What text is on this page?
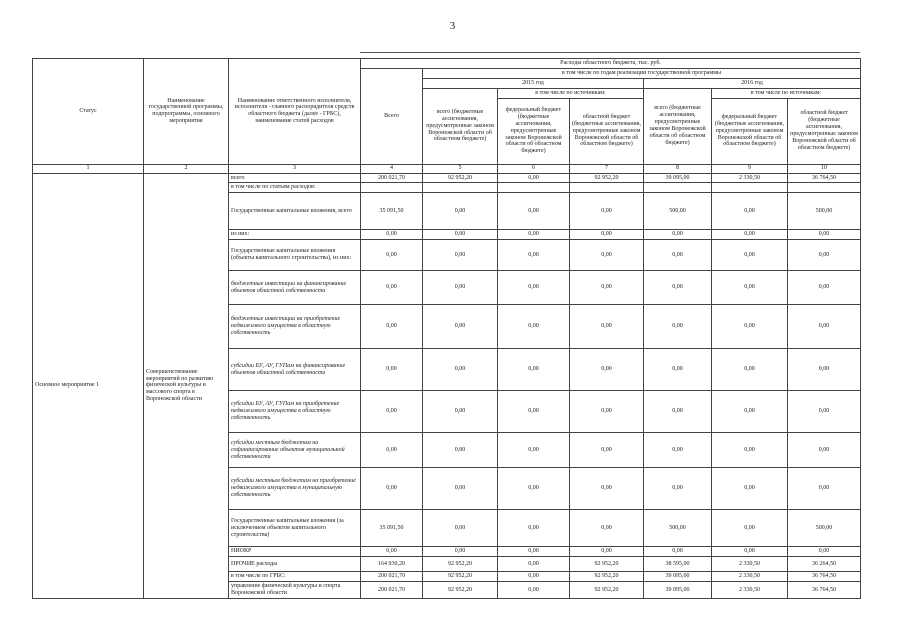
3
Статус	Наименование государственной программы, подпрограммы, основного мероприятия	Наименование ответственного исполнителя, исполнителя - главного распорядителя средств областного бюджета (далее - ГРБС), наименование статей расходов	Расходы областного бюджета, тыс. руб.						
			Всего	в том числе по годам реализации государственной программы					
				2015 год			2016 год		
				всего (бюджетные ассигнования, предусмотренные законом Воронежской области об областном бюджете)	в том числе по источникам:		всего (бюджетные ассигнования, предусмотренные законом Воронежской области об областном бюджете)	в том числе по источникам:	
					федеральный бюджет (бюджетные ассигнования, предусмотренные законом Воронежской области об областном бюджете)	областной бюджет (бюджетные ассигнования, предусмотренные законом Воронежской области об областном бюджете)		федеральный бюджет (бюджетные ассигнования, предусмотренные законом Воронежской области об областном бюджете)	областной бюджет (бюджетные ассигнования, предусмотренные законом Воронежской области об областном бюджете)
1	2	3	4	5	6	7	8	9	10
Основное мероприятие 1	Совершенствование мероприятий по развитию физической культуры и массового спорта в Воронежской области	всего	200 021,70	92 952,20	0,00	92 952,20	39 095,00	2 330,50	36 764,50
		в том числе по статьям расходов:							
		Государственные капитальные вложения, всего	35 091,50	0,00	0,00	0,00	500,00	0,00	500,00
		из них:	0,00	0,00	0,00	0,00	0,00	0,00	0,00
		Государственные капитальные вложения (объекты капитального строительства), из них:	0,00	0,00	0,00	0,00	0,00	0,00	0,00
		бюджетные инвестиции на финансирование объектов областной собственности	0,00	0,00	0,00	0,00	0,00	0,00	0,00
		бюджетные инвестиции на приобретение недвижимого имущества в областную собственность	0,00	0,00	0,00	0,00	0,00	0,00	0,00
		субсидии БУ, АУ, ГУПам на финансирование объектов областной собственности	0,00	0,00	0,00	0,00	0,00	0,00	0,00
		субсидии БУ, АУ, ГУПам на приобретение недвижимого имущества в областную собственность	0,00	0,00	0,00	0,00	0,00	0,00	0,00
		субсидии местным бюджетам на софинансирование объектов муниципальной собственности	0,00	0,00	0,00	0,00	0,00	0,00	0,00
		субсидии местным бюджетам на приобретение недвижимого имущества в муниципальную собственность	0,00	0,00	0,00	0,00	0,00	0,00	0,00
		Государственные капитальные вложения (за исключением объектов капитального строительства)	35 091,50	0,00	0,00	0,00	500,00	0,00	500,00
		НИОКР	0,00	0,00	0,00	0,00	0,00	0,00	0,00
		ПРОЧИЕ расходы	164 930,20	92 952,20	0,00	92 952,20	38 595,00	2 330,50	36 264,50
		в том числе по ГРБС:	200 021,70	92 952,20	0,00	92 952,20	39 095,00	2 330,50	36 764,50
		управление физической культуры и спорта Воронежской области	200 021,70	92 952,20	0,00	92 952,20	39 095,00	2 330,50	36 764,50
